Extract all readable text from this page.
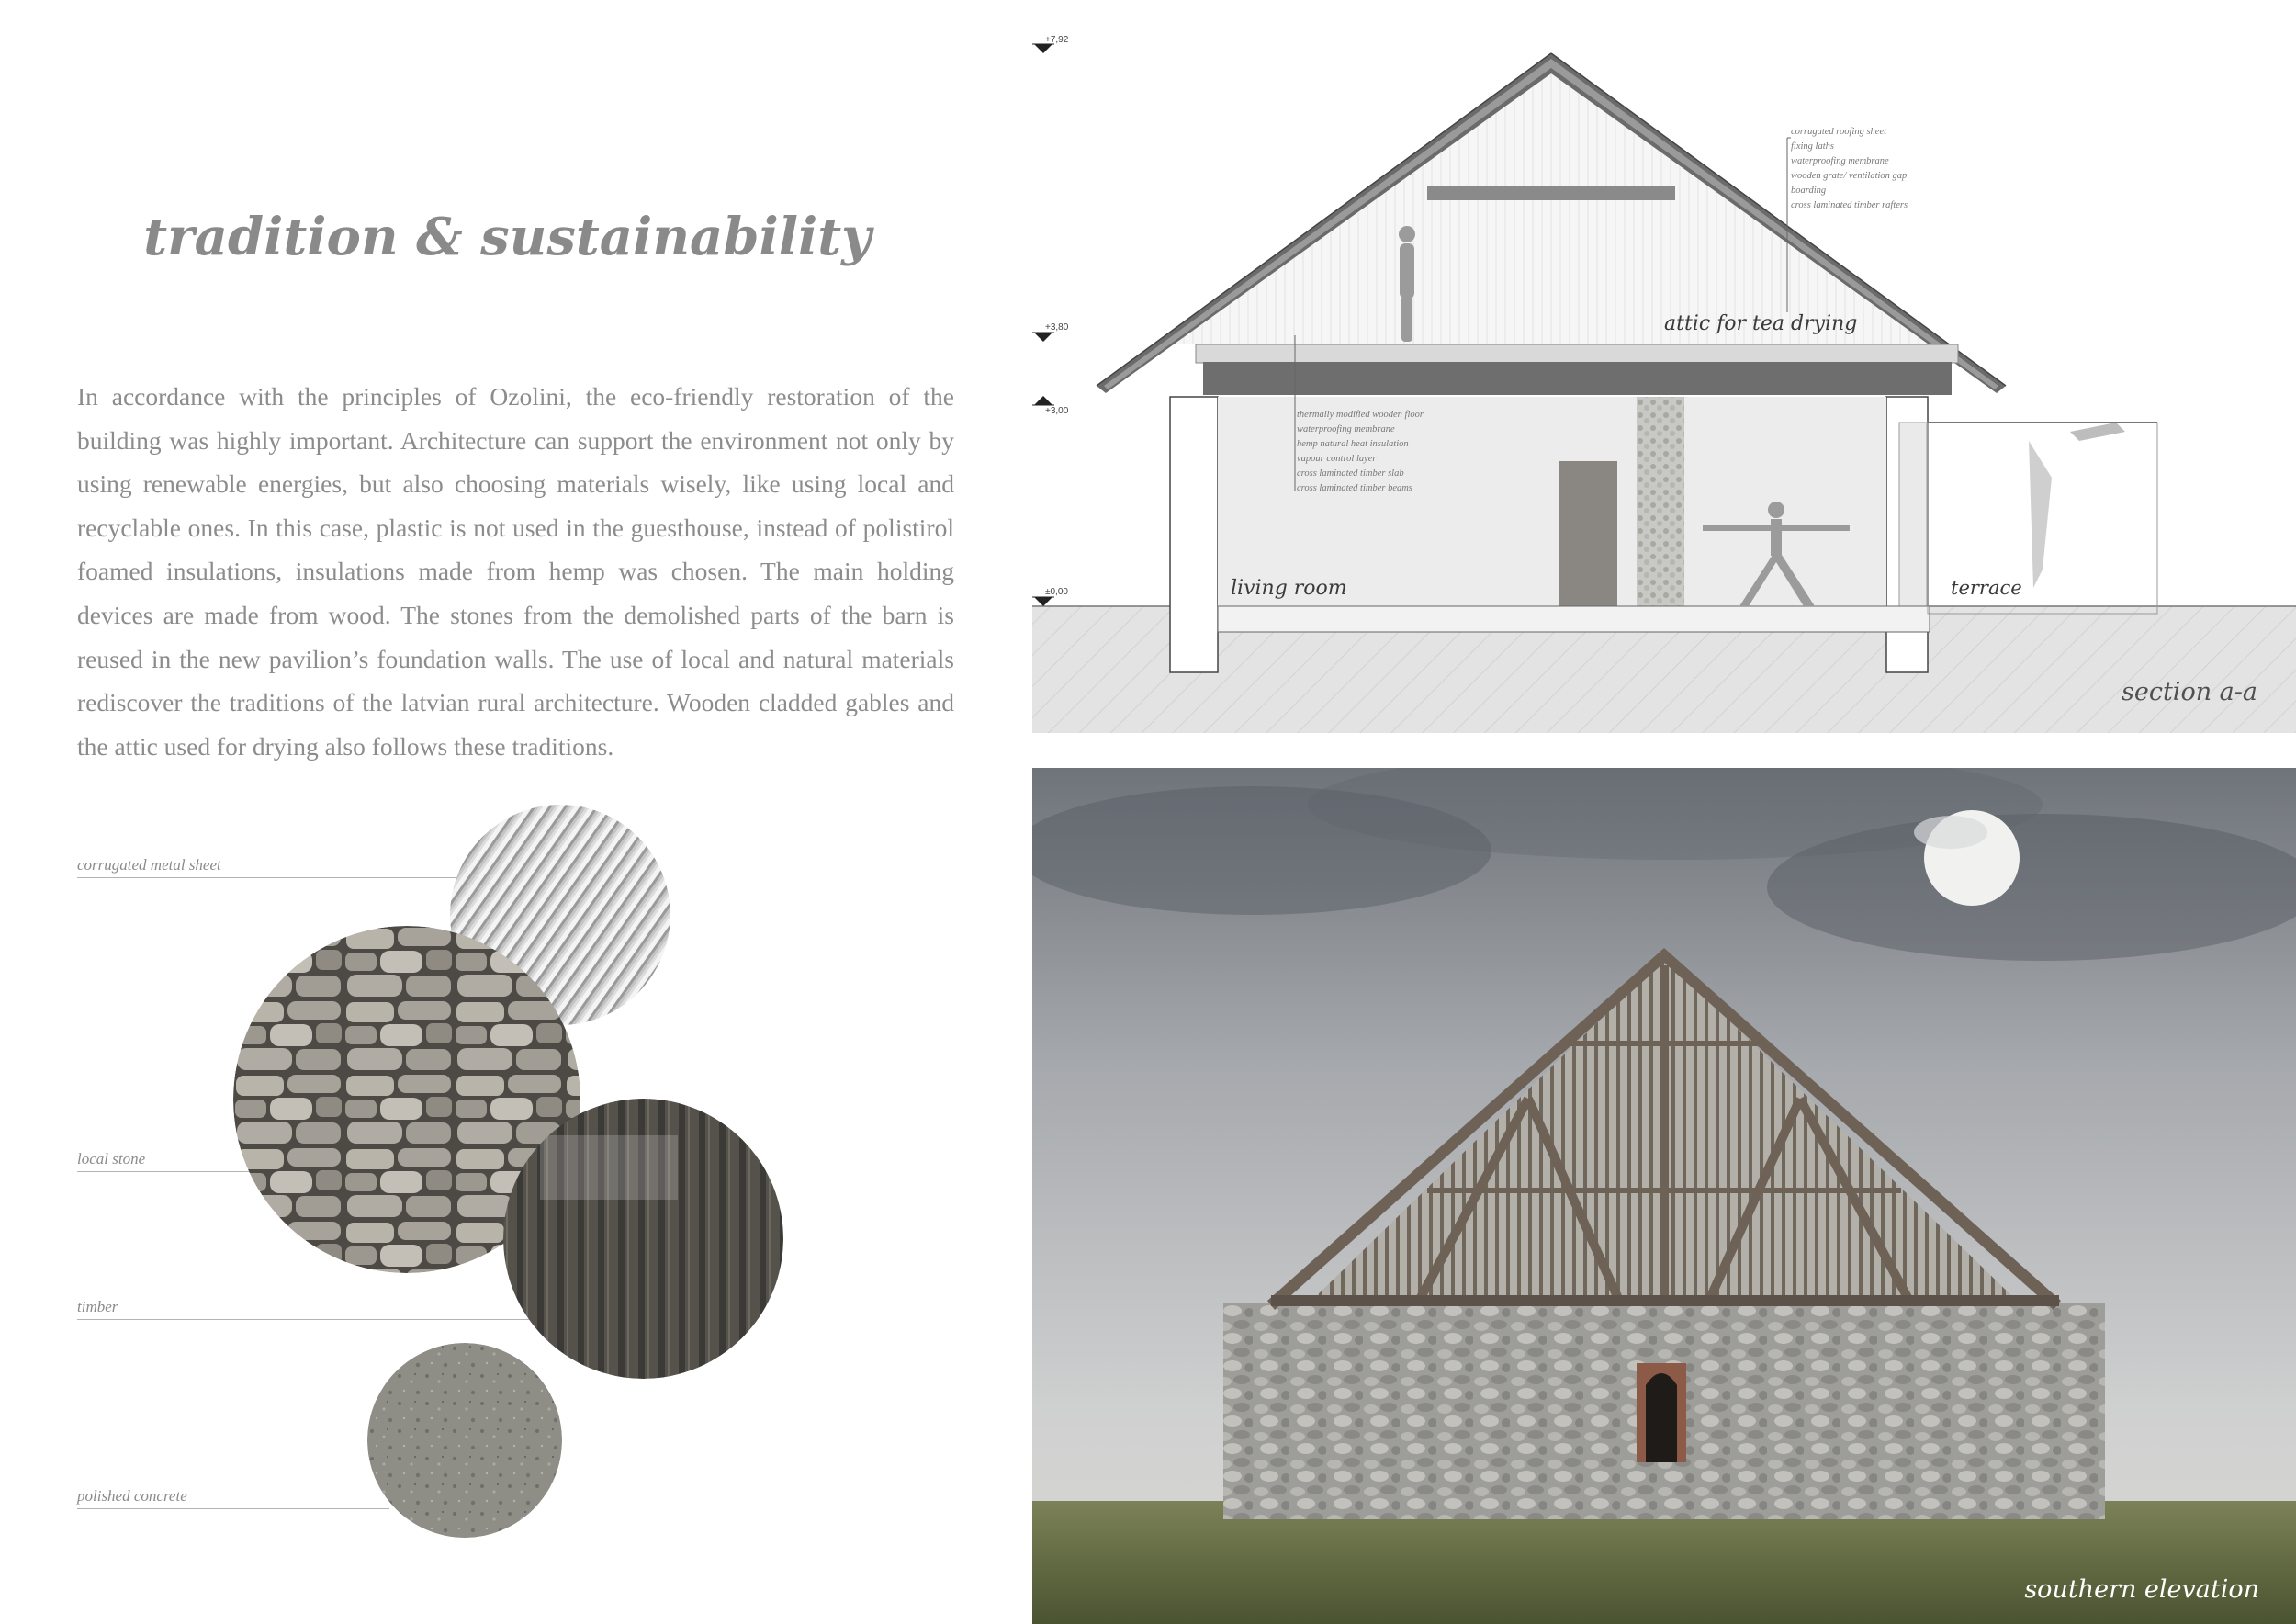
tradition & sustainability

In accordance with the principles of Ozolini, the eco-friendly restoration of the building was highly important. Architecture can support the environment not only by using renewable energies, but also choosing materials wisely, like using local and recyclable ones. In this case, plastic is not used in the guesthouse, instead of polistirol foamed insulations, insulations made from hemp was chosen. The main holding devices are made from wood. The stones from the demolished parts of the barn is reused in the new pavilion’s foundation walls. The use of local and natural materials rediscover the traditions of the latvian rural architecture. Wooden cladded gables and the attic used for drying also follows these traditions.

corrugated metal sheet
local stone
timber
polished concrete
+7,92
+3,80
+3,00
±0,00
corrugated roofing sheet
fixing laths
waterproofing membrane
wooden grate/ ventilation gap
boarding
cross laminated timber rafters
thermally modified wooden floor
waterproofing membrane
hemp natural heat insulation
vapour control layer
cross laminated timber slab
cross laminated timber beams
attic for tea drying
living room	terrace
section a-a
southern elevation
